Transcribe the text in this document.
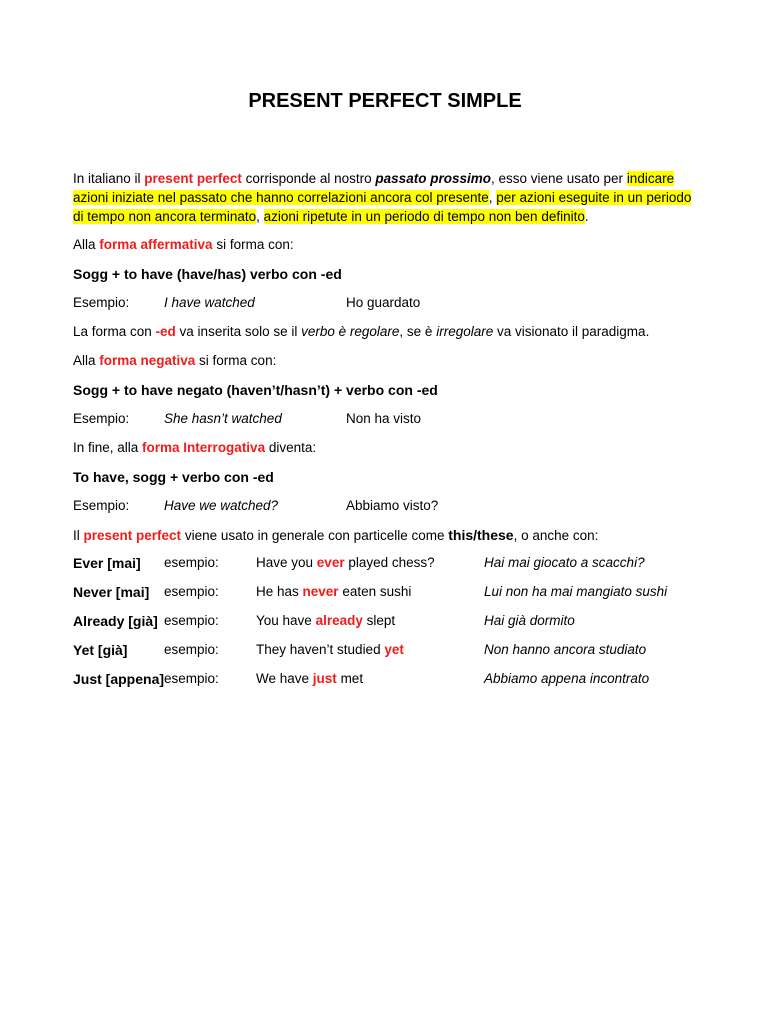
PRESENT PERFECT SIMPLE

In italiano il present perfect corrisponde al nostro passato prossimo, esso viene usato per indicare azioni iniziate nel passato che hanno correlazioni ancora col presente, per azioni eseguite in un periodo di tempo non ancora terminato, azioni ripetute in un periodo di tempo non ben definito.

Alla forma affermativa si forma con:
Sogg + to have (have/has) verbo con -ed
Esempio:	I have watched	Ho guardato
La forma con -ed va inserita solo se il verbo è regolare, se è irregolare va visionato il paradigma.
Alla forma negativa si forma con:
Sogg + to have negato (haven’t/hasn’t) + verbo con -ed
Esempio:	She hasn’t watched	Non ha visto
In fine, alla forma Interrogativa diventa:
To have, sogg + verbo con -ed
Esempio:	Have we watched?	Abbiamo visto?
Il present perfect viene usato in generale con particelle come this/these, o anche con:
Ever [mai] esempio:	Have you ever played chess?	Hai mai giocato a scacchi?
Never [mai] esempio:	He has never eaten sushi	Lui non ha mai mangiato sushi
Already [già] esempio:	You have already slept	Hai già dormito
Yet [già]	esempio:	They haven’t studied yet	Non hanno ancora studiato
Just [appena] esempio:	We have just met	Abbiamo appena incontrato
